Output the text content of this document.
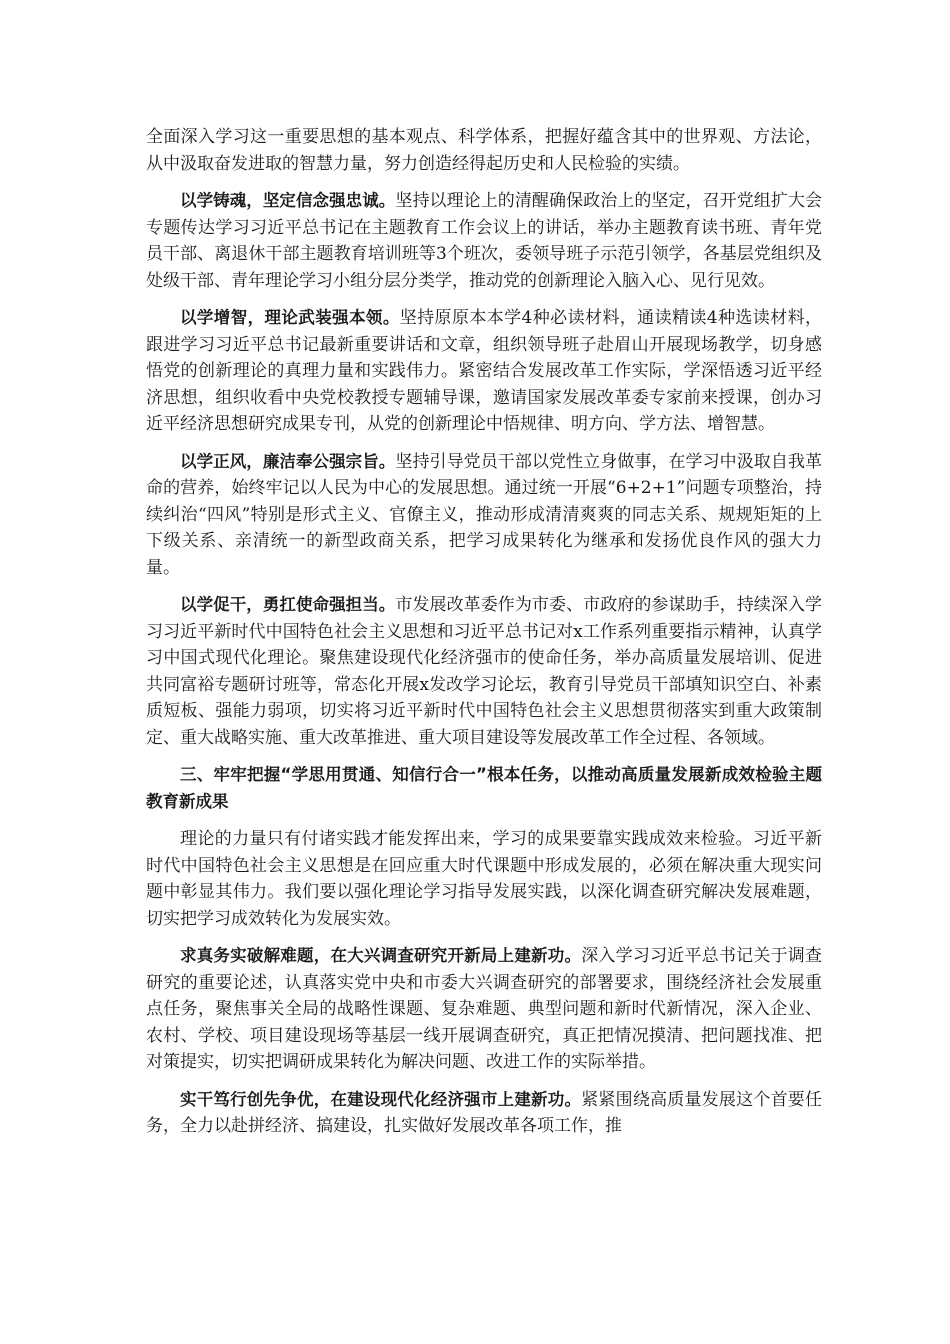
全面深入学习这一重要思想的基本观点、科学体系，把握好蕴含其中的世界观、方法论，从中汲取奋发进取的智慧力量，努力创造经得起历史和人民检验的实绩。

以学铸魂，坚定信念强忠诚。坚持以理论上的清醒确保政治上的坚定，召开党组扩大会专题传达学习习近平总书记在主题教育工作会议上的讲话，举办主题教育读书班、青年党员干部、离退休干部主题教育培训班等3个班次，委领导班子示范引领学，各基层党组织及处级干部、青年理论学习小组分层分类学，推动党的创新理论入脑入心、见行见效。

以学增智，理论武装强本领。坚持原原本本学4种必读材料，通读精读4种选读材料，跟进学习习近平总书记最新重要讲话和文章，组织领导班子赴眉山开展现场教学，切身感悟党的创新理论的真理力量和实践伟力。紧密结合发展改革工作实际，学深悟透习近平经济思想，组织收看中央党校教授专题辅导课，邀请国家发展改革委专家前来授课，创办习近平经济思想研究成果专刊，从党的创新理论中悟规律、明方向、学方法、增智慧。

以学正风，廉洁奉公强宗旨。坚持引导党员干部以党性立身做事，在学习中汲取自我革命的营养，始终牢记以人民为中心的发展思想。通过统一开展“6+2+1”问题专项整治，持续纠治“四风”特别是形式主义、官僚主义，推动形成清清爽爽的同志关系、规规矩矩的上下级关系、亲清统一的新型政商关系，把学习成果转化为继承和发扬优良作风的强大力量。

以学促干，勇扛使命强担当。市发展改革委作为市委、市政府的参谋助手，持续深入学习习近平新时代中国特色社会主义思想和习近平总书记对x工作系列重要指示精神，认真学习中国式现代化理论。聚焦建设现代化经济强市的使命任务，举办高质量发展培训、促进共同富裕专题研讨班等，常态化开展x发改学习论坛，教育引导党员干部填知识空白、补素质短板、强能力弱项，切实将习近平新时代中国特色社会主义思想贯彻落实到重大政策制定、重大战略实施、重大改革推进、重大项目建设等发展改革工作全过程、各领域。

三、牢牢把握“学思用贯通、知信行合一”根本任务，以推动高质量发展新成效检验主题教育新成果

理论的力量只有付诸实践才能发挥出来，学习的成果要靠实践成效来检验。习近平新时代中国特色社会主义思想是在回应重大时代课题中形成发展的，必须在解决重大现实问题中彰显其伟力。我们要以强化理论学习指导发展实践，以深化调查研究解决发展难题，切实把学习成效转化为发展实效。

求真务实破解难题，在大兴调查研究开新局上建新功。深入学习习近平总书记关于调查研究的重要论述，认真落实党中央和市委大兴调查研究的部署要求，围绕经济社会发展重点任务，聚焦事关全局的战略性课题、复杂难题、典型问题和新时代新情况，深入企业、农村、学校、项目建设现场等基层一线开展调查研究，真正把情况摸清、把问题找准、把对策提实，切实把调研成果转化为解决问题、改进工作的实际举措。

实干笃行创先争优，在建设现代化经济强市上建新功。紧紧围绕高质量发展这个首要任务，全力以赴拼经济、搞建设，扎实做好发展改革各项工作，推
